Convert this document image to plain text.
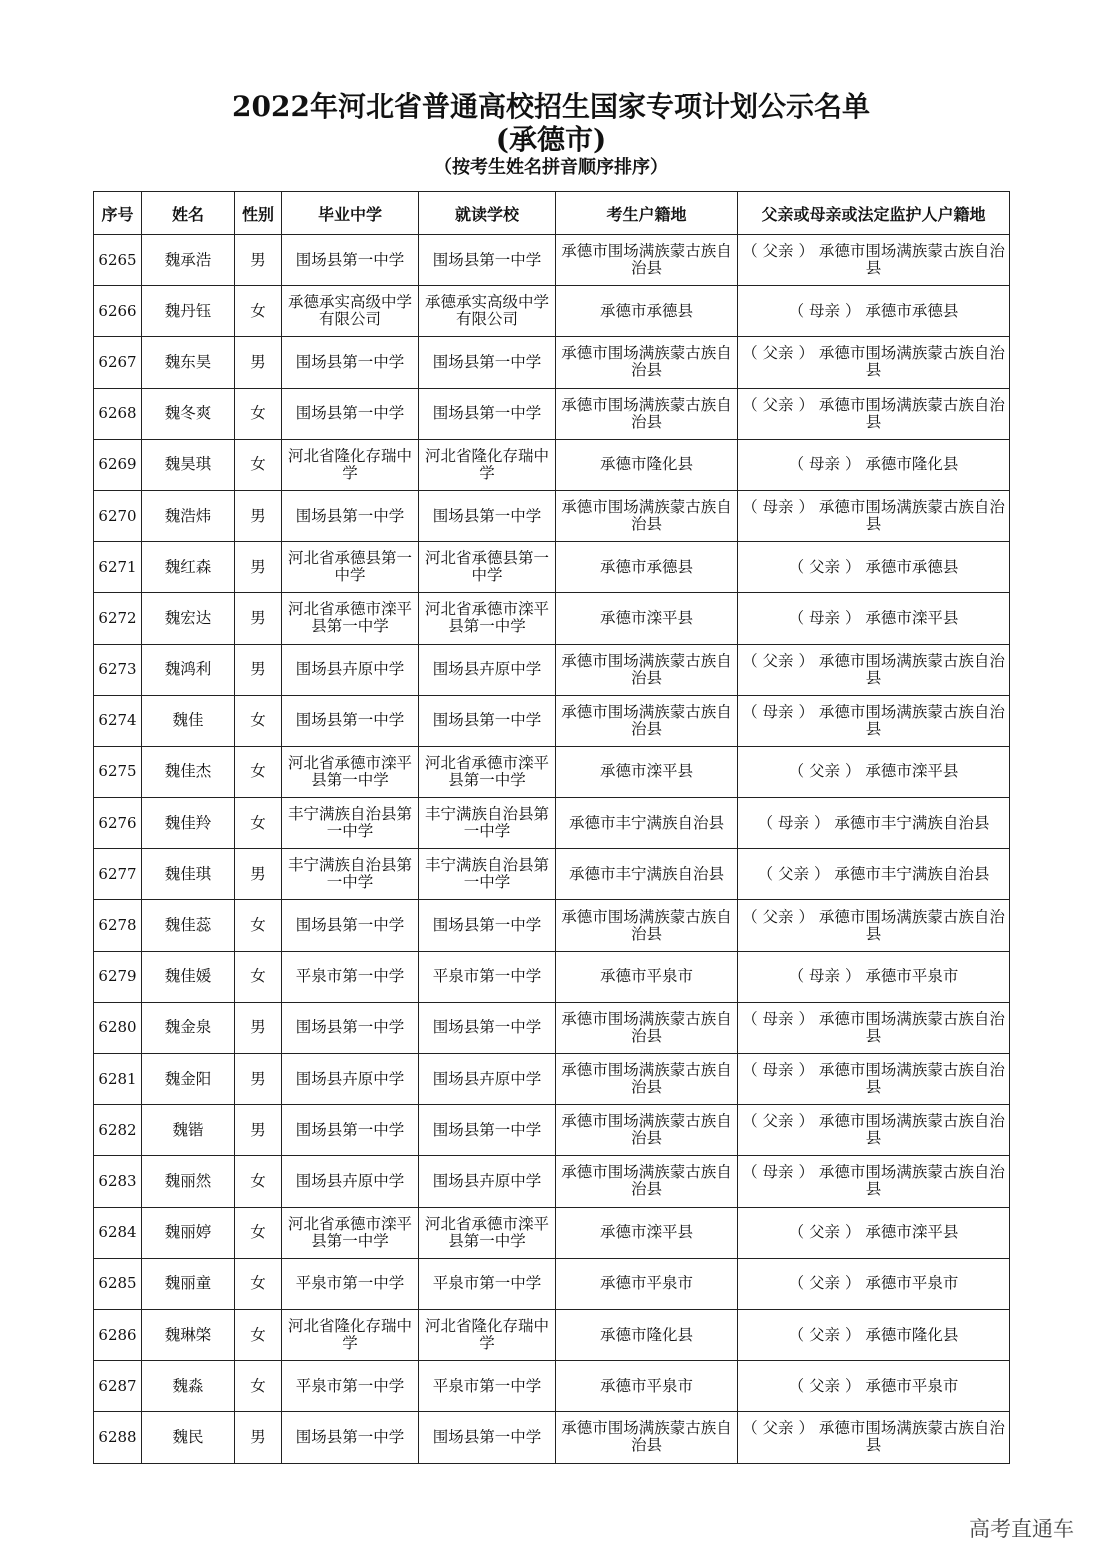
2022年河北省普通高校招生国家专项计划公示名单
(承德市)
（按考生姓名拼音顺序排序）
序号	姓名	性别	毕业中学	就读学校	考生户籍地	父亲或母亲或法定监护人户籍地
6265	魏承浩	男	围场县第一中学	围场县第一中学	承德市围场满族蒙古族自治县	（ 父亲 ） 承德市围场满族蒙古族自治县
6266	魏丹钰	女	承德承实高级中学有限公司	承德承实高级中学有限公司	承德市承德县	（ 母亲 ） 承德市承德县
6267	魏东昊	男	围场县第一中学	围场县第一中学	承德市围场满族蒙古族自治县	（ 父亲 ） 承德市围场满族蒙古族自治县
6268	魏冬爽	女	围场县第一中学	围场县第一中学	承德市围场满族蒙古族自治县	（ 父亲 ） 承德市围场满族蒙古族自治县
6269	魏昊琪	女	河北省隆化存瑞中学	河北省隆化存瑞中学	承德市隆化县	（ 母亲 ） 承德市隆化县
6270	魏浩炜	男	围场县第一中学	围场县第一中学	承德市围场满族蒙古族自治县	（ 母亲 ） 承德市围场满族蒙古族自治县
6271	魏红森	男	河北省承德县第一中学	河北省承德县第一中学	承德市承德县	（ 父亲 ） 承德市承德县
6272	魏宏达	男	河北省承德市滦平县第一中学	河北省承德市滦平县第一中学	承德市滦平县	（ 母亲 ） 承德市滦平县
6273	魏鸿利	男	围场县卉原中学	围场县卉原中学	承德市围场满族蒙古族自治县	（ 父亲 ） 承德市围场满族蒙古族自治县
6274	魏佳	女	围场县第一中学	围场县第一中学	承德市围场满族蒙古族自治县	（ 母亲 ） 承德市围场满族蒙古族自治县
6275	魏佳杰	女	河北省承德市滦平县第一中学	河北省承德市滦平县第一中学	承德市滦平县	（ 父亲 ） 承德市滦平县
6276	魏佳羚	女	丰宁满族自治县第一中学	丰宁满族自治县第一中学	承德市丰宁满族自治县	（ 母亲 ） 承德市丰宁满族自治县
6277	魏佳琪	男	丰宁满族自治县第一中学	丰宁满族自治县第一中学	承德市丰宁满族自治县	（ 父亲 ） 承德市丰宁满族自治县
6278	魏佳蕊	女	围场县第一中学	围场县第一中学	承德市围场满族蒙古族自治县	（ 父亲 ） 承德市围场满族蒙古族自治县
6279	魏佳媛	女	平泉市第一中学	平泉市第一中学	承德市平泉市	（ 母亲 ） 承德市平泉市
6280	魏金泉	男	围场县第一中学	围场县第一中学	承德市围场满族蒙古族自治县	（ 母亲 ） 承德市围场满族蒙古族自治县
6281	魏金阳	男	围场县卉原中学	围场县卉原中学	承德市围场满族蒙古族自治县	（ 母亲 ） 承德市围场满族蒙古族自治县
6282	魏锴	男	围场县第一中学	围场县第一中学	承德市围场满族蒙古族自治县	（ 父亲 ） 承德市围场满族蒙古族自治县
6283	魏丽然	女	围场县卉原中学	围场县卉原中学	承德市围场满族蒙古族自治县	（ 母亲 ） 承德市围场满族蒙古族自治县
6284	魏丽婷	女	河北省承德市滦平县第一中学	河北省承德市滦平县第一中学	承德市滦平县	（ 父亲 ） 承德市滦平县
6285	魏丽童	女	平泉市第一中学	平泉市第一中学	承德市平泉市	（ 父亲 ） 承德市平泉市
6286	魏琳棨	女	河北省隆化存瑞中学	河北省隆化存瑞中学	承德市隆化县	（ 父亲 ） 承德市隆化县
6287	魏淼	女	平泉市第一中学	平泉市第一中学	承德市平泉市	（ 父亲 ） 承德市平泉市
6288	魏民	男	围场县第一中学	围场县第一中学	承德市围场满族蒙古族自治县	（ 父亲 ） 承德市围场满族蒙古族自治县
高考直通车
